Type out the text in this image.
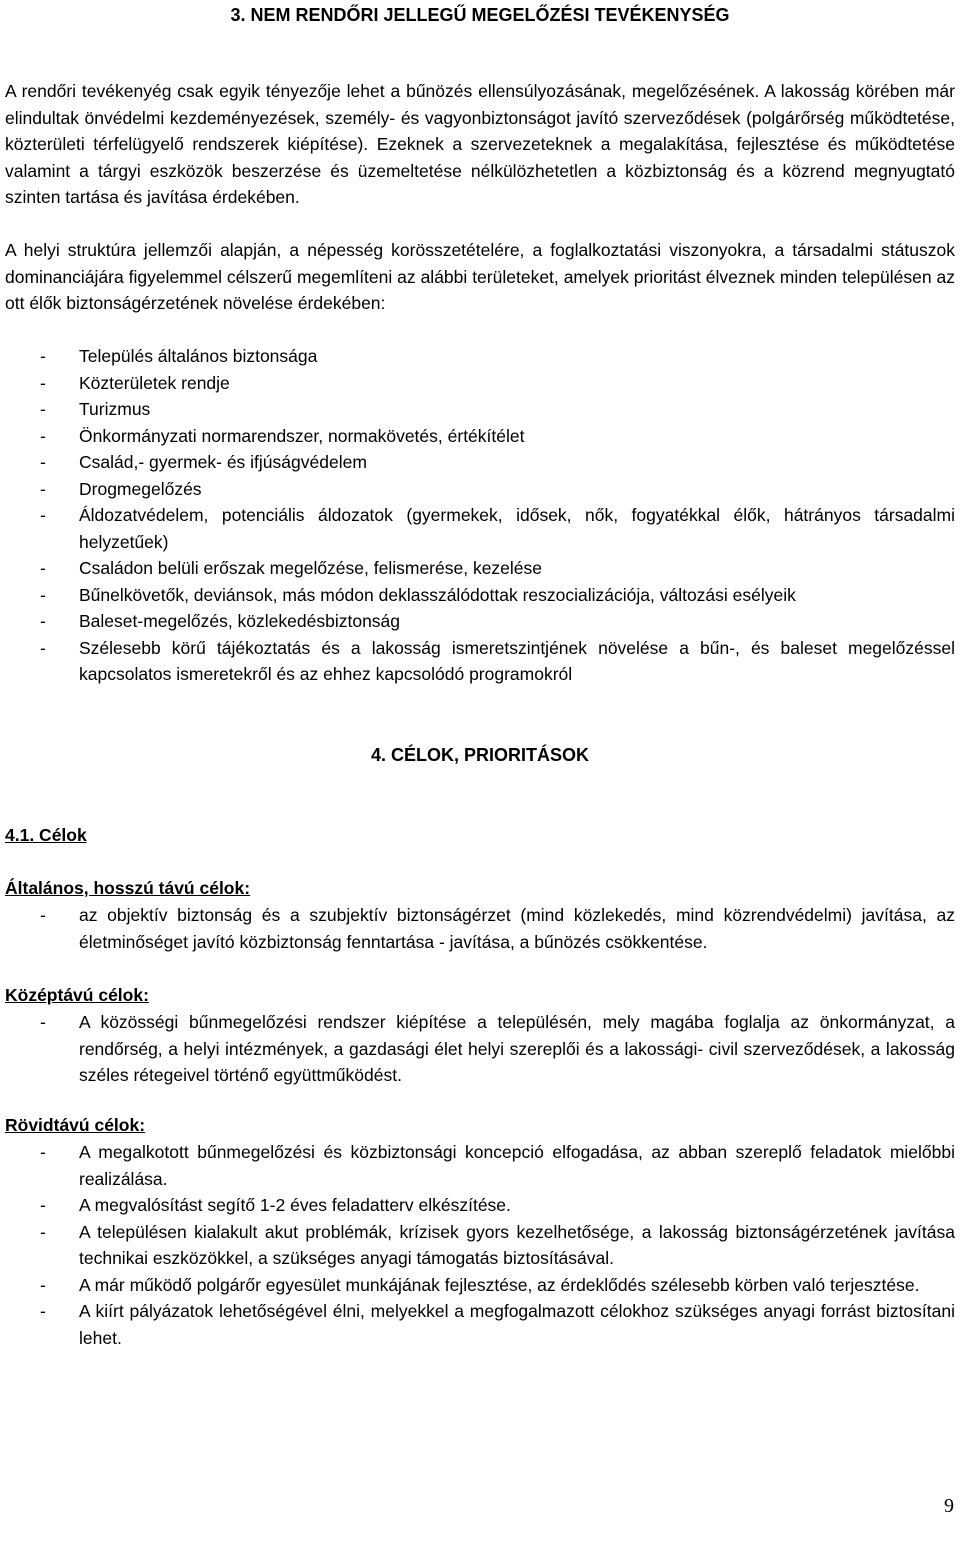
3. NEM RENDŐRI JELLEGŰ MEGELŐZÉSI TEVÉKENYSÉG

A rendőri tevékenyég csak egyik tényezője lehet a bűnözés ellensúlyozásának, megelőzésének. A lakosság körében már elindultak önvédelmi kezdeményezések, személy- és vagyonbiztonságot javító szerveződések (polgárőrség működtetése, közterületi térfelügyelő rendszerek kiépítése). Ezeknek a szervezeteknek a megalakítása, fejlesztése és működtetése valamint a tárgyi eszközök beszerzése és üzemeltetése nélkülözhetetlen a közbiztonság és a közrend megnyugtató szinten tartása és javítása érdekében.

A helyi struktúra jellemzői alapján, a népesség korösszetételére, a foglalkoztatási viszonyokra, a társadalmi státuszok dominanciájára figyelemmel célszerű megemlíteni az alábbi területeket, amelyek prioritást élveznek minden településen az ott élők biztonságérzetének növelése érdekében:

- Település általános biztonsága
- Közterületek rendje
- Turizmus
- Önkormányzati normarendszer, normakövetés, értékítélet
- Család,- gyermek- és ifjúságvédelem
- Drogmegelőzés
- Áldozatvédelem, potenciális áldozatok (gyermekek, idősek, nők, fogyatékkal élők, hátrányos társadalmi helyzetűek)
- Családon belüli erőszak megelőzése, felismerése, kezelése
- Bűnelkövetők, deviánsok, más módon deklasszálódottak reszocializációja, változási esélyeik
- Baleset-megelőzés, közlekedésbiztonság
- Szélesebb körű tájékoztatás és a lakosság ismeretszintjének növelése a bűn-, és baleset megelőzéssel kapcsolatos ismeretekről és az ehhez kapcsolódó programokról
4. CÉLOK, PRIORITÁSOK
4.1. Célok
Általános, hosszú távú célok:
- az objektív biztonság és a szubjektív biztonságérzet (mind közlekedés, mind közrendvédelmi) javítása, az életminőséget javító közbiztonság fenntartása - javítása, a bűnözés csökkentése.
Középtávú célok:
- A közösségi bűnmegelőzési rendszer kiépítése a településén, mely magába foglalja az önkormányzat, a rendőrség, a helyi intézmények, a gazdasági élet helyi szereplői és a lakossági- civil szerveződések, a lakosság széles rétegeivel történő együttműködést.
Rövidtávú célok:
- A megalkotott bűnmegelőzési és közbiztonsági koncepció elfogadása, az abban szereplő feladatok mielőbbi realizálása.
- A megvalósítást segítő 1-2 éves feladatterv elkészítése.
- A településen kialakult akut problémák, krízisek gyors kezelhetősége, a lakosság biztonságérzetének javítása technikai eszközökkel, a szükséges anyagi támogatás biztosításával.
- A már működő polgárőr egyesület munkájának fejlesztése, az érdeklődés szélesebb körben való terjesztése.
- A kiírt pályázatok lehetőségével élni, melyekkel a megfogalmazott célokhoz szükséges anyagi forrást biztosítani lehet.
9
